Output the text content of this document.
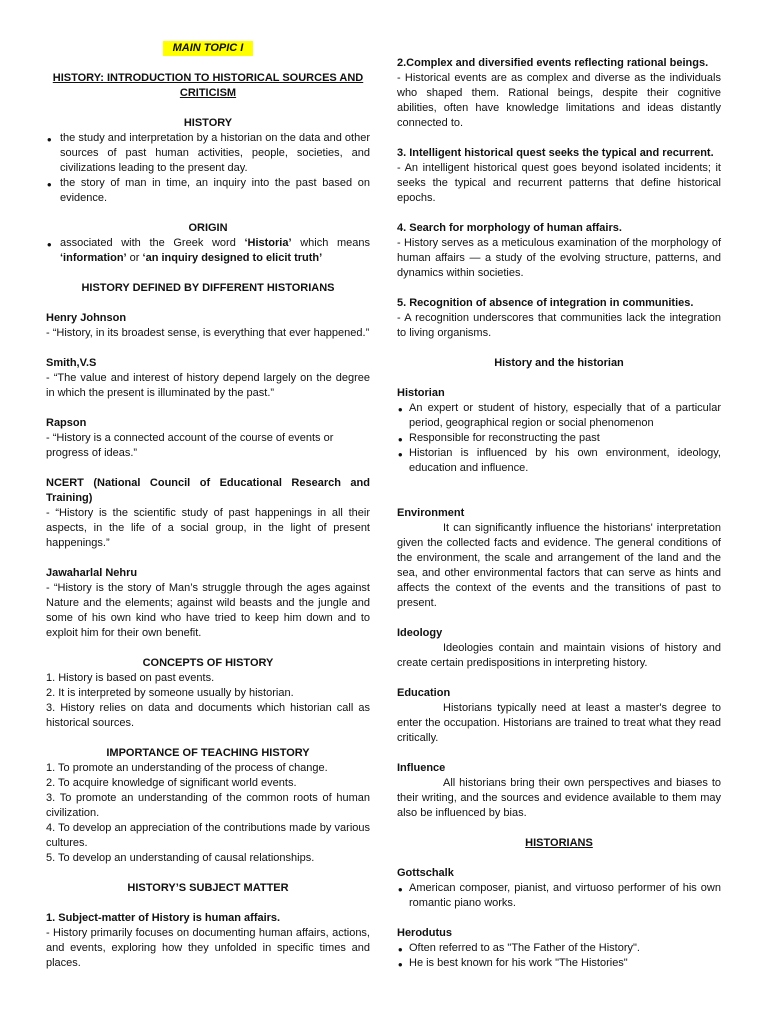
MAIN TOPIC I

HISTORY: INTRODUCTION TO HISTORICAL SOURCES AND
CRITICISM

HISTORY

• the study and interpretation by a historian on the data and other sources of past human activities, people, societies, and civilizations leading to the present day.
• the story of man in time, an inquiry into the past based on evidence.

ORIGIN

• associated with the Greek word ‘Historia’ which means ‘information’ or ‘an inquiry designed to elicit truth’

HISTORY DEFINED BY DIFFERENT HISTORIANS

Henry Johnson

- “History, in its broadest sense, is everything that ever happened.”

Smith,V.S

- “The value and interest of history depend largely on the degree in which the present is illuminated by the past.”

Rapson

- “History is a connected account of the course of events or progress of ideas.”

NCERT (National Council of Educational Research and Training)

- “History is the scientific study of past happenings in all their aspects, in the life of a social group, in the light of present happenings.”

Jawaharlal Nehru

- “History is the story of Man’s struggle through the ages against Nature and the elements; against wild beasts and the jungle and some of his own kind who have tried to keep him down and to exploit him for their own benefit.

CONCEPTS OF HISTORY

1. History is based on past events.

2. It is interpreted by someone usually by historian.

3. History relies on data and documents which historian call as historical sources.

IMPORTANCE OF TEACHING HISTORY

1. To promote an understanding of the process of change.

2. To acquire knowledge of significant world events.

3. To promote an understanding of the common roots of human civilization.

4. To develop an appreciation of the contributions made by various cultures.

5. To develop an understanding of causal relationships.

HISTORY’S SUBJECT MATTER

1. Subject-matter of History is human affairs.

- History primarily focuses on documenting human affairs, actions, and events, exploring how they unfolded in specific times and places.

2.Complex and diversified events reflecting rational beings.

- Historical events are as complex and diverse as the individuals who shaped them. Rational beings, despite their cognitive abilities, often have knowledge limitations and ideas distantly connected to.

3. Intelligent historical quest seeks the typical and recurrent.

- An intelligent historical quest goes beyond isolated incidents; it seeks the typical and recurrent patterns that define historical epochs.

4. Search for morphology of human affairs.

- History serves as a meticulous examination of the morphology of human affairs — a study of the evolving structure, patterns, and dynamics within societies.

5. Recognition of absence of integration in communities.

- A recognition underscores that communities lack the integration to living organisms.

History and the historian

Historian

• An expert or student of history, especially that of a particular period, geographical region or social phenomenon
• Responsible for reconstructing the past
• Historian is influenced by his own environment, ideology, education and influence.

Environment

It can significantly influence the historians' interpretation given the collected facts and evidence. The general conditions of the environment, the scale and arrangement of the land and the sea, and other environmental factors that can serve as hints and affects the context of the events and the transitions of past to present.

Ideology

Ideologies contain and maintain visions of history and create certain predispositions in interpreting history.

Education

Historians typically need at least a master's degree to enter the occupation. Historians are trained to treat what they read critically.

Influence

All historians bring their own perspectives and biases to their writing, and the sources and evidence available to them may also be influenced by bias.

HISTORIANS

Gottschalk

• American composer, pianist, and virtuoso performer of his own romantic piano works.

Herodutus

• Often referred to as "The Father of the History".
• He is best known for his work "The Histories"
